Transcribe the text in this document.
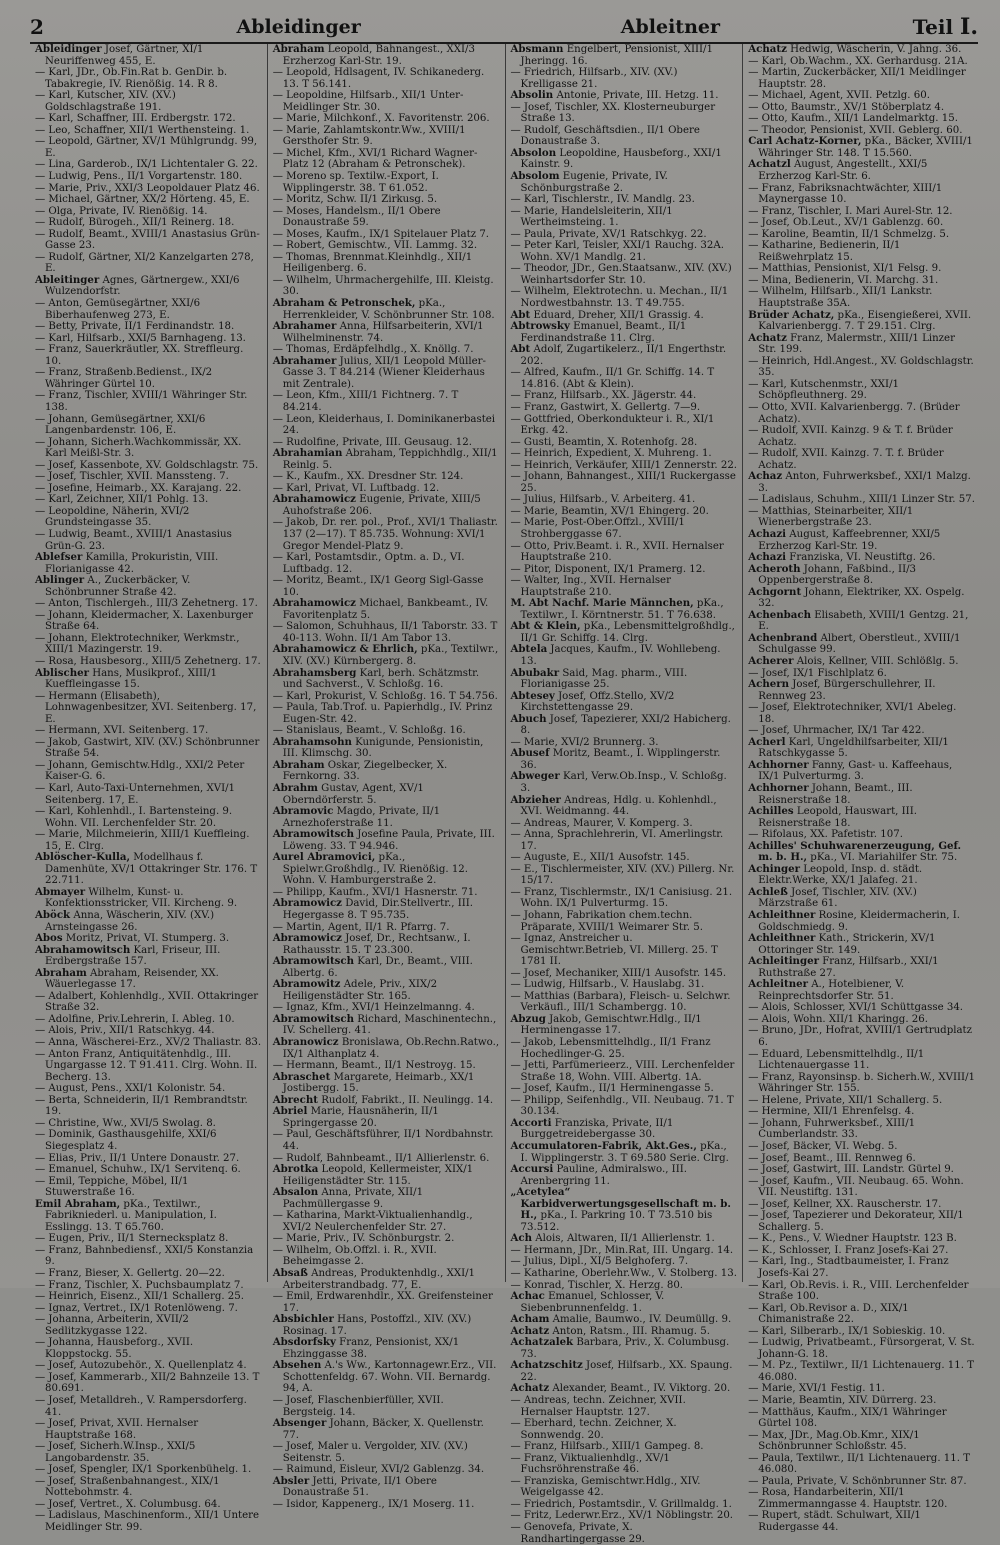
2	Ableidinger	Ableitner	Teil I.

Ableidinger Josef, Gärtner, XI/1 Neuriffenweg 455, E.

— Karl, JDr., Ob.Fin.Rat b. GenDir. b. Tabakregie, IV. Rienößig. 14. R 8.

— Karl, Kutscher, XIV. (XV.) Goldschlagstraße 191.

— Karl, Schaffner, III. Erdbergstr. 172.

— Leo, Schaffner, XII/1 Werthensteing. 1.

— Leopold, Gärtner, XV/1 Mühlgrundg. 99, E.

— Lina, Garderob., IX/1 Lichtentaler G. 22.

— Ludwig, Pens., II/1 Vorgartenstr. 180.

— Marie, Priv., XXI/3 Leopoldauer Platz 46.

— Michael, Gärtner, XX/2 Hörteng. 45, E.

— Olga, Private, IV. Rienößig. 14.

— Rudolf, Bürogeh., XII/1 Reinerg. 18.

— Rudolf, Beamt., XVIII/1 Anastasius Grün-Gasse 23.

— Rudolf, Gärtner, XI/2 Kanzelgarten 278, E.

Ableitinger Agnes, Gärtnergew., XXI/6 Wulzendorfstr.

— Anton, Gemüsegärtner, XXI/6 Biberhaufenweg 273, E.

— Betty, Private, II/1 Ferdinandstr. 18.

— Karl, Hilfsarb., XXI/5 Barnhageng. 13.

— Franz, Sauerkräutler, XX. Streffleurg. 10.

— Franz, Straßenb.Bedienst., IX/2 Währinger Gürtel 10.

— Franz, Tischler, XVIII/1 Währinger Str. 138.

— Johann, Gemüsegärtner, XXI/6 Langenbardenstr. 106, E.

— Johann, Sicherh.Wachkommissär, XX. Karl Meißl-Str. 3.

— Josef, Kassenbote, XV. Goldschlagstr. 75.

— Josef, Tischler, XVII. Manssteng. 7.

— Josefine, Heimarb., XX. Karajang. 22.

— Karl, Zeichner, XII/1 Pohlg. 13.

— Leopoldine, Näherin, XVI/2 Grundsteingasse 35.

— Ludwig, Beamt., XVIII/1 Anastasius Grün-G. 23.

Ablefser Kamilla, Prokuristin, VIII. Florianigasse 42.

Ablinger A., Zuckerbäcker, V. Schönbrunner Straße 42.

— Anton, Tischlergeh., III/3 Zehetnerg. 17.

— Johann, Kleidermacher, X. Laxenburger Straße 64.

— Johann, Elektrotechniker, Werkmstr., XIII/1 Mazingerstr. 19.

— Rosa, Hausbesorg., XIII/5 Zehetnerg. 17.

Ablischer Hans, Musikprof., XIII/1 Kueffleingasse 15.

— Hermann (Elisabeth), Lohnwagenbesitzer, XVI. Seitenberg. 17, E.

— Hermann, XVI. Seitenberg. 17.

— Jakob, Gastwirt, XIV. (XV.) Schönbrunner Straße 54.

— Johann, Gemischtw.Hdlg., XXI/2 Peter Kaiser-G. 6.

— Karl, Auto-Taxi-Unternehmen, XVI/1 Seitenberg. 17, E.

— Karl, Kohlenhdl., I. Bartensteing. 9. Wohn. VII. Lerchenfelder Str. 20.

— Marie, Milchmeierin, XIII/1 Kueffleing. 15, E. Clrg.

Ablöscher-Kulla, Modellhaus f. Damenhüte, XV/1 Ottakringer Str. 176. T 22.711.

Abmayer Wilhelm, Kunst- u. Konfektionsstricker, VII. Kircheng. 9.

Aböck Anna, Wäscherin, XIV. (XV.) Arnsteingasse 26.

Abos Moritz, Privat, VI. Stumperg. 3.

Abrahamowitsch Karl, Friseur, III. Erdbergstraße 157.

Abraham Abraham, Reisender, XX. Wäuerlegasse 17.

— Adalbert, Kohlenhdlg., XVII. Ottakringer Straße 32.

— Adolfine, Priv.Lehrerin, I. Ableg. 10.

— Alois, Priv., XII/1 Ratschkyg. 44.

— Anna, Wäscherei-Erz., XV/2 Thaliastr. 83.

— Anton Franz, Antiquitätenhdlg., III. Ungargasse 12. T 91.411. Clrg. Wohn. II. Becherg. 13.

— August, Pens., XXI/1 Kolonistr. 54.

— Berta, Schneiderin, II/1 Rembrandtstr. 19.

— Christine, Ww., XVI/5 Swolag. 8.

— Dominik, Gasthausgehilfe, XXI/6 Siegesplatz 4.

— Elias, Priv., II/1 Untere Donaustr. 27.

— Emanuel, Schuhw., IX/1 Servitenq. 6.

— Emil, Teppiche, Möbel, II/1 Stuwerstraße 16.

Emil Abraham, pKa., Textilwr., Fabrikniederl. u. Manipulation, I. Esslingg. 13. T 65.760.

— Eugen, Priv., II/1 Sternecksplatz 8.

— Franz, Bahnbediensf., XXI/5 Konstanzia 9.

— Franz, Bieser, X. Gellertg. 20—22.

— Franz, Tischler, X. Puchsbaumplatz 7.

— Heinrich, Eisenz., XII/1 Schallerg. 25.

— Ignaz, Vertret., IX/1 Rotenlöweng. 7.

— Johanna, Arbeiterin, XVII/2 Sedlitzkygasse 122.

— Johanna, Hausbeforg., XVII. Kloppstockg. 55.

— Josef, Autozubehör., X. Quellenplatz 4.

— Josef, Kammerarb., XII/2 Bahnzeile 13. T 80.691.

— Josef, Metalldreh., V. Rampersdorferg. 41.

— Josef, Privat, XVII. Hernalser Hauptstraße 168.

— Josef, Sicherh.W.Insp., XXI/5 Langobardenstr. 35.

— Josef, Spengler, IX/1 Sporkenbühelg. 1.

— Josef, Straßenbahnangest., XIX/1 Nottebohmstr. 4.

— Josef, Vertret., X. Columbusg. 64.

— Ladislaus, Maschinenform., XII/1 Untere Meidlinger Str. 99.

Abraham Leopold, Bahnangest., XXI/3 Erzherzog Karl-Str. 19.

— Leopold, Hdlsagent, IV. Schikanederg. 13. T 56.141.

— Leopoldine, Hilfsarb., XII/1 Unter-Meidlinger Str. 30.

— Marie, Milchkonf., X. Favoritenstr. 206.

— Marie, Zahlamtskontr.Ww., XVIII/1 Gersthofer Str. 9.

— Michel, Kfm., XVI/1 Richard Wagner-Platz 12 (Abraham & Petronschek).

— Moreno sp. Textilw.-Export, I. Wipplingerstr. 38. T 61.052.

— Moritz, Schw. II/1 Zirkusg. 5.

— Moses, Handelsm., II/1 Obere Donaustraße 59.

— Moses, Kaufm., IX/1 Spitelauer Platz 7.

— Robert, Gemischtw., VII. Lammg. 32.

— Thomas, Brennmat.Kleinhdlg., XII/1 Heiligenberg. 6.

— Wilhelm, Uhrmachergehilfe, III. Kleistg. 30.

Abraham & Petronschek, pKa., Herrenkleider, V. Schönbrunner Str. 108.

Abrahamer Anna, Hilfsarbeiterin, XVI/1 Wilhelminenstr. 74.

— Thomas, Erdäpfelhdlg., X. Knöllg. 7.

Abrahamer Julius, XII/1 Leopold Müller-Gasse 3. T 84.214 (Wiener Kleiderhaus mit Zentrale).

— Leon, Kfm., XIII/1 Fichtnerg. 7. T 84.214.

— Leon, Kleiderhaus, I. Dominikanerbastei 24.

— Rudolfine, Private, III. Geusaug. 12.

Abrahamian Abraham, Teppichhdlg., XII/1 Reinlg. 5.

— K., Kaufm., XX. Dresdner Str. 124.

— Karl, Privat, VI. Luftbadg. 12.

Abrahamowicz Eugenie, Private, XIII/5 Auhofstraße 206.

— Jakob, Dr. rer. pol., Prof., XVI/1 Thaliastr. 137 (2—17). T 85.735. Wohnung: XVI/1 Gregor Mendel-Platz 9.

— Karl, Postamtsdir., Optm. a. D., VI. Luftbadg. 12.

— Moritz, Beamt., IX/1 Georg Sigl-Gasse 10.

Abrahamowicz Michael, Bankbeamt., IV. Favoritenplatz 5.

— Salomon, Schuhhaus, II/1 Taborstr. 33. T 40-113. Wohn. II/1 Am Tabor 13.

Abrahamowicz & Ehrlich, pKa., Textilwr., XIV. (XV.) Kürnbergerg. 8.

Abrahamsberg Karl, berh. Schätzmstr. und Sachverst., V. Schloßg. 16.

— Karl, Prokurist, V. Schloßg. 16. T 54.756.

— Paula, Tab.Trof. u. Papierhdlg., IV. Prinz Eugen-Str. 42.

— Stanislaus, Beamt., V. Schloßg. 16.

Abrahamsohn Kunigunde, Pensionistin, III. Klimschg. 30.

Abraham Oskar, Ziegelbecker, X. Fernkorng. 33.

Abrahm Gustav, Agent, XV/1 Oberndörferstr. 5.

Abramovic Magdo, Private, II/1 Arnezhoferstraße 11.

Abramowitsch Josefine Paula, Private, III. Löweng. 33. T 94.946.

Aurel Abramovici, pKa., Spielwr.Großhdlg., IV. Rienößig. 12. Wohn. V. Hamburgerstraße 2.

— Philipp, Kaufm., XVI/1 Hasnerstr. 71.

Abramowicz David, Dir.Stellvertr., III. Hegergasse 8. T 95.735.

— Martin, Agent, II/1 R. Pfarrg. 7.

Abramowicz Josef, Dr., Rechtsanw., I. Rathausstr. 15. T 23.300.

Abramowitsch Karl, Dr., Beamt., VIII. Albertg. 6.

Abramowitz Adele, Priv., XIX/2 Heiligenstädter Str. 165.

— Ignaz, Kfm., XVI/1 Heinzelmanng. 4.

Abramowitsch Richard, Maschinentechn., IV. Schellerg. 41.

Abranowicz Bronislawa, Ob.Rechn.Ratwo., IX/1 Althanplatz 4.

— Hermann, Beamt., II/1 Nestroyg. 15.

Abraschet Margarete, Heimarb., XX/1 Jostibergg. 15.

Abrecht Rudolf, Fabrikt., II. Neulingg. 14.

Abriel Marie, Hausnäherin, II/1 Springergasse 20.

— Paul, Geschäftsführer, II/1 Nordbahnstr. 44.

— Rudolf, Bahnbeamt., II/1 Allierlenstr. 6.

Abrotka Leopold, Kellermeister, XIX/1 Heiligenstädter Str. 115.

Absalon Anna, Private, XII/1 Pachmüllergasse 9.

— Katharina, Markt-Viktualienhandlg., XVI/2 Neulerchenfelder Str. 27.

— Marie, Priv., IV. Schönburgstr. 2.

— Wilhelm, Ob.Offzl. i. R., XVII. Beheimgasse 2.

Absaß Andreas, Produktenhdlg., XXI/1 Arbeiterstrandbadg. 77, E.

— Emil, Erdwarenhdlr., XX. Greifensteiner 17.

Absbichler Hans, Postoffzl., XIV. (XV.) Rosinag. 17.

Absdorfsky Franz, Pensionist, XX/1 Ehzinggasse 38.

Absehen A.'s Ww., Kartonnagewr.Erz., VII. Schottenfeldg. 67. Wohn. VII. Bernardg. 94, A.

— Josef, Flaschenbierfüller, XVII. Bergsteig. 14.

Absenger Johann, Bäcker, X. Quellenstr. 77.

— Josef, Maler u. Vergolder, XIV. (XV.) Seitenstr. 5.

— Raimund, Eisleur, XVI/2 Gablenzg. 34.

Absler Jetti, Private, II/1 Obere Donaustraße 51.

— Isidor, Kappenerg., IX/1 Moserg. 11.

Absmann Engelbert, Pensionist, XIII/1 Jheringg. 16.

— Friedrich, Hilfsarb., XIV. (XV.) Krelligasse 21.

Absolin Antonie, Private, III. Hetzg. 11.

— Josef, Tischler, XX. Klosterneuburger Straße 13.

— Rudolf, Geschäftsdien., II/1 Obere Donaustraße 3.

Absolon Leopoldine, Hausbeforg., XXI/1 Kainstr. 9.

Absolom Eugenie, Private, IV. Schönburgstraße 2.

— Karl, Tischlerstr., IV. Mandlg. 23.

— Marie, Handelsleiterin, XII/1 Wertheimsteing. 1.

— Paula, Private, XV/1 Ratschkyg. 22.

— Peter Karl, Teisler, XXI/1 Rauchg. 32A. Wohn. XV/1 Mandlg. 21.

— Theodor, JDr., Gen.Staatsanw., XIV. (XV.) Weinhartsdorfer Str. 10.

— Wilhelm, Elektrotechn. u. Mechan., II/1 Nordwestbahnstr. 13. T 49.755.

Abt Eduard, Dreher, XII/1 Grassig. 4.

Abtrowsky Emanuel, Beamt., II/1 Ferdinandstraße 11. Clrg.

Abt Adolf, Zugartikelerz., II/1 Engerthstr. 202.

— Alfred, Kaufm., II/1 Gr. Schiffg. 14. T 14.816. (Abt & Klein).

— Franz, Hilfsarb., XX. Jägerstr. 44.

— Franz, Gastwirt, X. Gellertg. 7—9.

— Gottfried, Oberkondukteur i. R., XI/1 Erkg. 42.

— Gusti, Beamtin, X. Rotenhofg. 28.

— Heinrich, Expedient, X. Muhreng. 1.

— Heinrich, Verkäufer, XIII/1 Zennerstr. 22.

— Johann, Bahnangest., XIII/1 Ruckergasse 25.

— Julius, Hilfsarb., V. Arbeiterg. 41.

— Marie, Beamtin, XV/1 Ehingerg. 20.

— Marie, Post-Ober.Offzl., XVIII/1 Strohberggasse 67.

— Otto, Priv.Beamt. i. R., XVII. Hernalser Hauptstraße 210.

— Pitor, Disponent, IX/1 Pramerg. 12.

— Walter, Ing., XVII. Hernalser Hauptstraße 210.

M. Abt Nachf. Marie Männchen, pKa., Textilwr., I. Körntnerstr. 51. T 76.638.

Abt & Klein, pKa., Lebensmittelgroßhdlg., II/1 Gr. Schiffg. 14. Clrg.

Abtela Jacques, Kaufm., IV. Wohllebeng. 13.

Abubakr Said, Mag. pharm., VIII. Florianigasse 25.

Abtesey Josef, Offz.Stello, XV/2 Kirchstettengasse 29.

Abuch Josef, Tapezierer, XXI/2 Habicherg. 8.

— Marie, XVI/2 Brunnerg. 3.

Abusef Moritz, Beamt., I. Wipplingerstr. 36.

Abweger Karl, Verw.Ob.Insp., V. Schloßg. 3.

Abzieher Andreas, Hdlg. u. Kohlenhdl., XVI. Weidmanng. 44.

— Andreas, Maurer, V. Komperg. 3.

— Anna, Sprachlehrerin, VI. Amerlingstr. 17.

— Auguste, E., XII/1 Ausofstr. 145.

— E., Tischlermeister, XIV. (XV.) Pillerg. Nr. 15/17.

— Franz, Tischlermstr., IX/1 Canisiusg. 21. Wohn. IX/1 Pulverturmg. 15.

— Johann, Fabrikation chem.techn. Präparate, XVIII/1 Weimarer Str. 5.

— Ignaz, Anstreicher u. Gemischtwr.Betrieb, VI. Millerg. 25. T 1781 II.

— Josef, Mechaniker, XIII/1 Ausofstr. 145.

— Ludwig, Hilfsarb., V. Hauslabg. 31.

— Matthias (Barbara), Fleisch- u. Selchwr. Verkäufl., III/1 Schambergg. 10.

Abzug Jakob, Gemischtwr.Hdlg., II/1 Herminengasse 17.

— Jakob, Lebensmittelhdlg., II/1 Franz Hochedlinger-G. 25.

— Jetti, Parfümerieerz., VIII. Lerchenfelder Straße 18, Wohn. VIII. Albertg. 1A.

— Josef, Kaufm., II/1 Herminengasse 5.

— Philipp, Seifenhdlg., VII. Neubaug. 71. T 30.134.

Accorti Franziska, Private, II/1 Burggetreidebergasse 30.

Accumulatoren-Fabrik, Akt.Ges., pKa., I. Wipplingerstr. 3. T 69.580 Serie. Clrg.

Accursi Pauline, Admiralswo., III. Arenbergring 11.

„Acetylea“ Karbidverwertungsgesellschaft m. b. H., pKa., I. Parkring 10. T 73.510 bis 73.512.

Ach Alois, Altwaren, II/1 Allierlenstr. 1.

— Hermann, JDr., Min.Rat, III. Ungarg. 14.

— Julius, Dipl., XI/5 Belghoferg. 7.

— Katharine, Oberlehr.Ww., V. Stolberg. 13.

— Konrad, Tischler, X. Herzg. 80.

Achac Emanuel, Schlosser, V. Siebenbrunnenfeldg. 1.

Acham Amalie, Baumwo., IV. Deumüllg. 9.

Achatz Anton, Ratsm., III. Rhamug. 5.

Achatzalek Barbara, Priv., X. Columbusg. 73.

Achatzschitz Josef, Hilfsarb., XX. Spaung. 22.

Achatz Alexander, Beamt., IV. Viktorg. 20.

— Andreas, techn. Zeichner, XVII. Hernalser Hauptstr. 127.

— Eberhard, techn. Zeichner, X. Sonnwendg. 20.

— Franz, Hilfsarb., XIII/1 Gampeg. 8.

— Franz, Viktualienhdlg., XV/1 Fuchsröhrenstraße 46.

— Franziska, Gemischtwr.Hdlg., XIV. Weigelgasse 42.

— Friedrich, Postamtsdir., V. Grillmaldg. 1.

— Fritz, Lederwr.Erz., XV/1 Nöblingstr. 20.

— Genovefa, Private, X. Randhartingergasse 29.

Achatz Hedwig, Wäscherin, V. Jahng. 36.

— Karl, Ob.Wachm., XX. Gerhardusg. 21A.

— Martin, Zuckerbäcker, XII/1 Meidlinger Hauptstr. 28.

— Michael, Agent, XVII. Petzlg. 60.

— Otto, Baumstr., XV/1 Stöberplatz 4.

— Otto, Kaufm., XII/1 Landelmarktg. 15.

— Theodor, Pensionist, XVII. Geblerg. 60.

Carl Achatz-Korner, pKa., Bäcker, XVIII/1 Währinger Str. 148. T 15.560.

Achatzl August, Angestellt., XXI/5 Erzherzog Karl-Str. 6.

— Franz, Fabriksnachtwächter, XIII/1 Maynergasse 10.

— Franz, Tischler, I. Mari Aurel-Str. 12.

— Josef, Ob.Leut., XV/1 Gablenzg. 60.

— Karoline, Beamtin, II/1 Schmelzg. 5.

— Katharine, Bedienerin, II/1 Reißwehrplatz 15.

— Matthias, Pensionist, XI/1 Felsg. 9.

— Mina, Bedienerin, VI. Marchg. 31.

— Wilhelm, Hilfsarb., XII/1 Lankstr. Hauptstraße 35A.

Brüder Achatz, pKa., Eisengießerei, XVII. Kalvarienbergg. 7. T 29.151. Clrg.

Achatz Franz, Malermstr., XIII/1 Linzer Str. 199.

— Heinrich, Hdl.Angest., XV. Goldschlagstr. 35.

— Karl, Kutschenmstr., XXI/1 Schöpfleuthnerg. 29.

— Otto, XVII. Kalvarienbergg. 7. (Brüder Achatz).

— Rudolf, XVII. Kainzg. 9 & T. f. Brüder Achatz.

— Rudolf, XVII. Kainzg. 7. T. f. Brüder Achatz.

Achaz Anton, Fuhrwerksbef., XXI/1 Malzg. 3.

— Ladislaus, Schuhm., XIII/1 Linzer Str. 57.

— Matthias, Steinarbeiter, XII/1 Wienerbergstraße 23.

Achazi August, Kaffeebrenner, XXI/5 Erzherzog Karl-Str. 19.

Achazi Franziska, VI. Neustiftg. 26.

Acheroth Johann, Faßbind., II/3 Oppenbergerstraße 8.

Achgornt Johann, Elektriker, XX. Ospelg. 32.

Achenbach Elisabeth, XVIII/1 Gentzg. 21, E.

Achenbrand Albert, Oberstleut., XVIII/1 Schulgasse 99.

Acherer Alois, Kellner, VIII. Schlößlg. 5.

— Josef, IX/1 Fischlplatz 6.

Achern Josef, Bürgerschullehrer, II. Rennweg 23.

— Josef, Elektrotechniker, XVI/1 Abeleg. 18.

— Josef, Uhrmacher, IX/1 Tar 422.

Acherl Karl, Ungeldhilfsarbeiter, XII/1 Ratschkygasse 5.

Achhorner Fanny, Gast- u. Kaffeehaus, IX/1 Pulverturmg. 3.

Achhorner Johann, Beamt., III. Reisnerstraße 18.

Achilles Leopold, Hauswart, III. Reisnerstraße 18.

— Rifolaus, XX. Pafetistr. 107.

Achilles' Schuhwarenerzeugung, Gef. m. b. H., pKa., VI. Mariahilfer Str. 75.

Achinger Leopold, Insp. d. städt. Elektr.Werke, XX/1 Jalafeg. 21.

Achleß Josef, Tischler, XIV. (XV.) Märzstraße 61.

Achleithner Rosine, Kleidermacherin, I. Goldschmiedg. 9.

Achleithner Kath., Strickerin, XV/1 Ottoringer Str. 149.

Achleitinger Franz, Hilfsarb., XXI/1 Ruthstraße 27.

Achleitner A., Hotelbiener, V. Reinprechtsdorfer Str. 51.

— Alois, Schlosser, XVI/1 Schüttgasse 34.

— Alois, Wohn. XII/1 Kharingg. 26.

— Bruno, JDr., Hofrat, XVIII/1 Gertrudplatz 6.

— Eduard, Lebensmittelhdlg., II/1 Lichtenauergasse 11.

— Franz, Rayonsinsp. b. Sicherh.W., XVIII/1 Währinger Str. 155.

— Helene, Private, XII/1 Schallerg. 5.

— Hermine, XII/1 Ehrenfelsg. 4.

— Johann, Fuhrwerksbef., XIII/1 Cumberlandstr. 33.

— Josef, Bäcker, VI. Webg. 5.

— Josef, Beamt., III. Rennweg 6.

— Josef, Gastwirt, III. Landstr. Gürtel 9.

— Josef, Kaufm., VII. Neubaug. 65. Wohn. VII. Neustiftg. 131.

— Josef, Kellner, XX. Rauscherstr. 17.

— Josef, Tapezierer und Dekorateur, XII/1 Schallerg. 5.

— K., Pens., V. Wiedner Hauptstr. 123 B.

— K., Schlosser, I. Franz Josefs-Kai 27.

— Karl, Ing., Stadtbaumeister, I. Franz Josefs-Kai 27.

— Karl, Ob.Revis. i. R., VIII. Lerchenfelder Straße 100.

— Karl, Ob.Revisor a. D., XIX/1 Chimanistraße 22.

— Karl, Silberarb., IX/1 Sobieskig. 10.

— Ludwig, Privatbeamt., Fürsorgerat, V. St. Johann-G. 18.

— M. Pz., Textilwr., II/1 Lichtenauerg. 11. T 46.080.

— Marie, XVI/1 Festig. 11.

— Marie, Beamtin, XIV. Dürrerg. 23.

— Matthäus, Kaufm., XIX/1 Währinger Gürtel 108.

— Max, JDr., Mag.Ob.Kmr., XIX/1 Schönbrunner Schloßstr. 45.

— Paula, Textilwr., II/1 Lichtenauerg. 11. T 46.080.

— Paula, Private, V. Schönbrunner Str. 87.

— Rosa, Handarbeiterin, XII/1 Zimmermanngasse 4. Hauptstr. 120.

— Rupert, städt. Schulwart, XII/1 Rudergasse 44.
